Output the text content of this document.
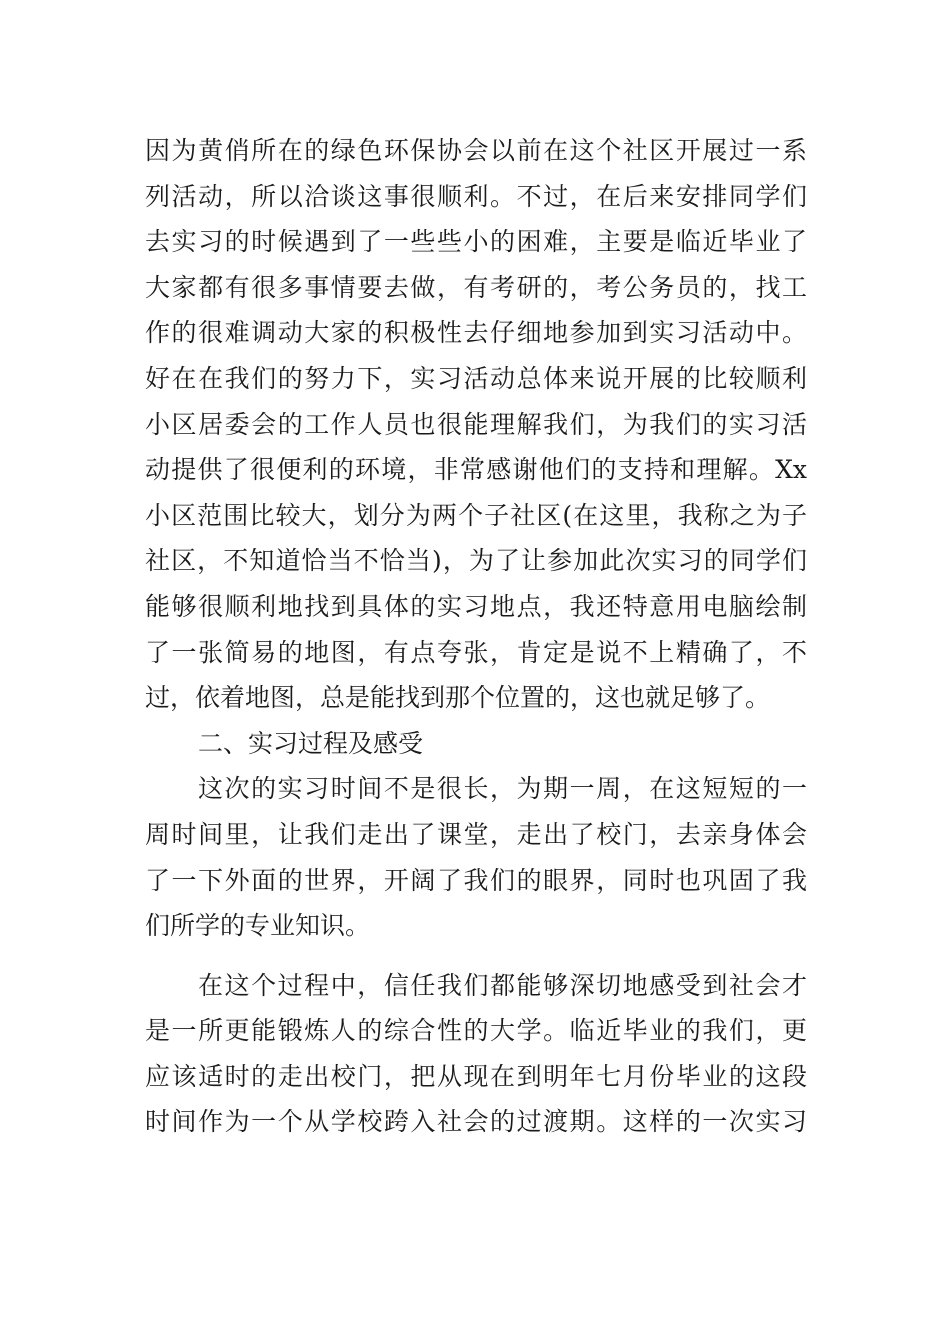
因为黄俏所在的绿色环保协会以前在这个社区开展过一系
列活动，所以洽谈这事很顺利。不过，在后来安排同学们
去实习的时候遇到了一些些小的困难，主要是临近毕业了
大家都有很多事情要去做，有考研的，考公务员的，找工
作的很难调动大家的积极性去仔细地参加到实习活动中。
好在在我们的努力下，实习活动总体来说开展的比较顺利
小区居委会的工作人员也很能理解我们，为我们的实习活
动提供了很便利的环境，非常感谢他们的支持和理解。Xx
小区范围比较大，划分为两个子社区(在这里，我称之为子
社区，不知道恰当不恰当)，为了让参加此次实习的同学们
能够很顺利地找到具体的实习地点，我还特意用电脑绘制
了一张简易的地图，有点夸张，肯定是说不上精确了，不
过，依着地图，总是能找到那个位置的，这也就足够了。
二、实习过程及感受
这次的实习时间不是很长，为期一周，在这短短的一
周时间里，让我们走出了课堂，走出了校门，去亲身体会
了一下外面的世界，开阔了我们的眼界，同时也巩固了我
们所学的专业知识。
在这个过程中，信任我们都能够深切地感受到社会才
是一所更能锻炼人的综合性的大学。临近毕业的我们，更
应该适时的走出校门，把从现在到明年七月份毕业的这段
时间作为一个从学校跨入社会的过渡期。这样的一次实习
